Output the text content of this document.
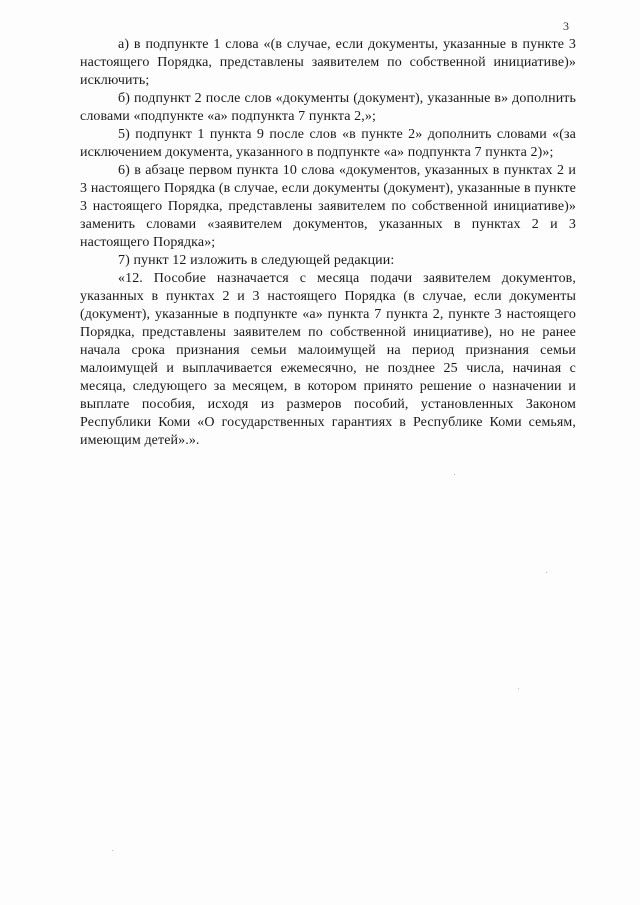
3

а) в подпункте 1 слова «(в случае, если документы, указанные в пункте 3 настоящего Порядка, представлены заявителем по собственной инициативе)» исключить;

б) подпункт 2 после слов «документы (документ), указанные в» дополнить словами «подпункте «а» подпункта 7 пункта 2,»;

5) подпункт 1 пункта 9 после слов «в пункте 2» дополнить словами «(за исключением документа, указанного в подпункте «а» подпункта 7 пункта 2)»;

6) в абзаце первом пункта 10 слова «документов, указанных в пунктах 2 и 3 настоящего Порядка (в случае, если документы (документ), указанные в пункте 3 настоящего Порядка, представлены заявителем по собственной инициативе)» заменить словами «заявителем документов, указанных в пунктах 2 и 3 настоящего Порядка»;

7) пункт 12 изложить в следующей редакции:

«12. Пособие назначается с месяца подачи заявителем документов, указанных в пунктах 2 и 3 настоящего Порядка (в случае, если документы (документ), указанные в подпункте «а» пункта 7 пункта 2, пункте 3 настоящего Порядка, представлены заявителем по собственной инициативе), но не ранее начала срока признания семьи малоимущей на период признания семьи малоимущей и выплачивается ежемесячно, не позднее 25 числа, начиная с месяца, следующего за месяцем, в котором принято решение о назначении и выплате пособия, исходя из размеров пособий, установленных Законом Республики Коми «О государственных гарантиях в Республике Коми семьям, имеющим детей».».
